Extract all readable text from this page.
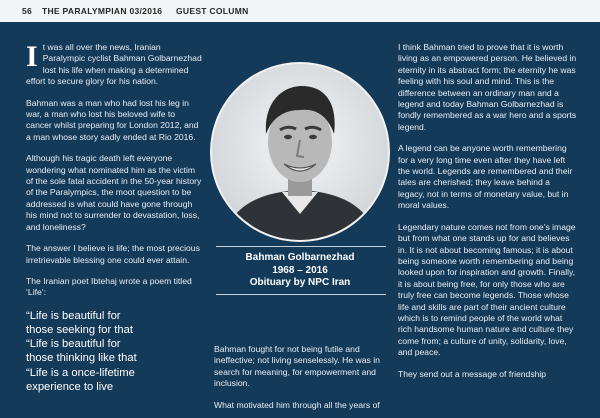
56 THE PARALYMPIAN 03/2016 GUEST COLUMN

It was all over the news, Iranian Paralympic cyclist Bahman Golbarnezhad lost his life when making a determined effort to secure glory for his nation.

Bahman was a man who had lost his leg in war, a man who lost his beloved wife to cancer whilst preparing for London 2012, and a man whose story sadly ended at Rio 2016.

Although his tragic death left everyone wondering what nominated him as the victim of the sole fatal accident in the 50-year history of the Paralympics, the moot question to be addressed is what could have gone through his mind not to surrender to devastation, loss, and loneliness?

The answer I believe is life; the most precious irretrievable blessing one could ever attain.

The Iranian poet Ibtehaj wrote a poem titled ‘Life’:

“Life is beautiful for
those seeking for that
“Life is beautiful for
those thinking like that
“Life is a once-lifetime
experience to live
Bahman Golbarnezhad
1968 – 2016
Obituary by NPC Iran

Bahman fought for not being futile and ineffective; not living senselessly. He was in search for meaning, for empowerment and inclusion.

What motivated him through all the years of

I think Bahman tried to prove that it is worth living as an empowered person. He believed in eternity in its abstract form; the eternity he was feeling with his soul and mind. This is the difference between an ordinary man and a legend and today Bahman Golbarnezhad is fondly remembered as a war hero and a sports legend.

A legend can be anyone worth remembering for a very long time even after they have left the world. Legends are remembered and their tales are cherished; they leave behind a legacy, not in terms of monetary value, but in moral values.

Legendary nature comes not from one’s image but from what one stands up for and believes in. It is not about becoming famous; it is about being someone worth remembering and being looked upon for inspiration and growth. Finally, it is about being free, for only those who are truly free can become legends. Those whose life and skills are part of their ancient culture which is to remind people of the world what rich handsome human nature and culture they come from; a culture of unity, solidarity, love, and peace.

They send out a message of friendship
